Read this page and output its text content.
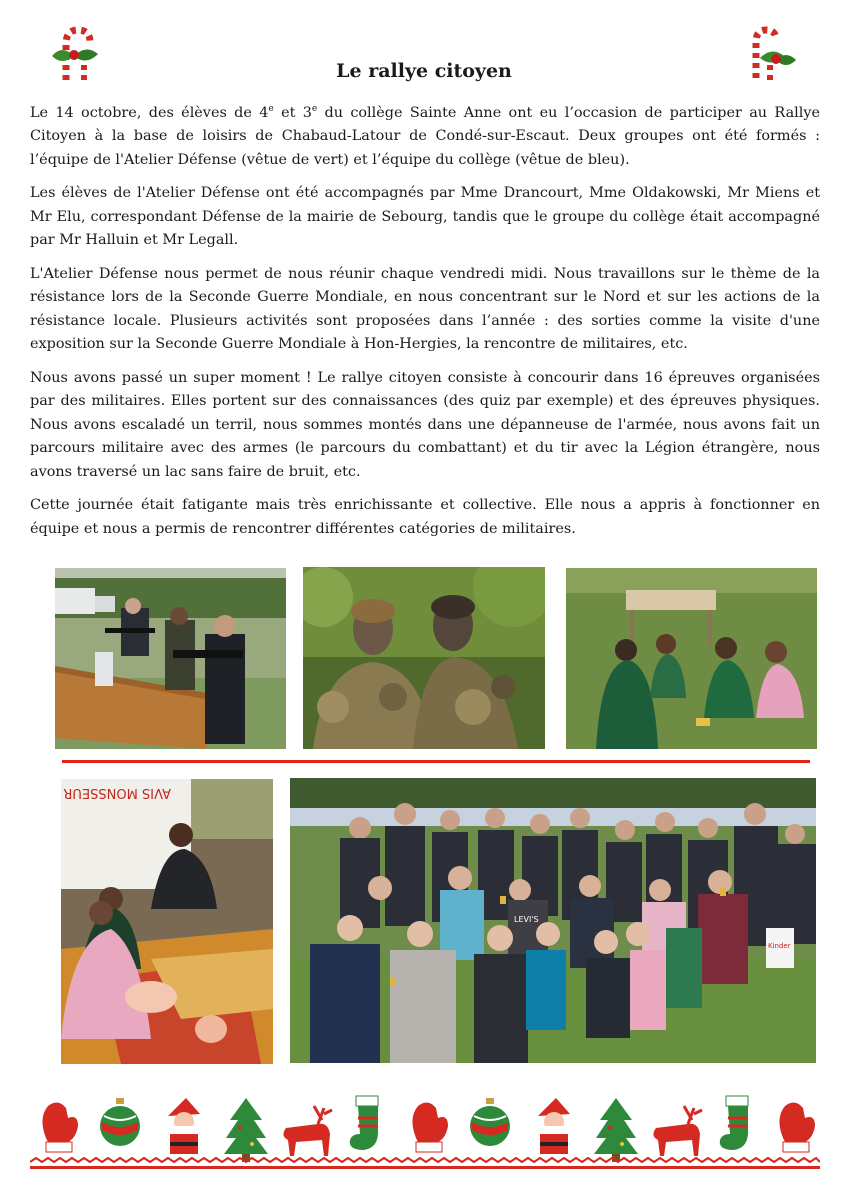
Le rallye citoyen

Le 14 octobre, des élèves de 4e et 3e du collège Sainte Anne ont eu l’occasion de participer au Rallye Citoyen à la base de loisirs de Chabaud-Latour de Condé-sur-Escaut. Deux groupes ont été formés : l’équipe de l'Atelier Défense (vêtue de vert) et l’équipe du collège (vêtue de bleu).

Les élèves de l'Atelier Défense ont été accompagnés par Mme Drancourt, Mme Oldakowski, Mr Miens et Mr Elu, correspondant Défense de la mairie de Sebourg, tandis que le groupe du collège était accompagné par Mr Halluin et Mr Legall.

L'Atelier Défense nous permet de nous réunir chaque vendredi midi. Nous travaillons sur le thème de la résistance lors de la Seconde Guerre Mondiale, en nous concentrant sur le Nord et sur les actions de la résistance locale. Plusieurs activités sont proposées dans l’année : des sorties comme la visite d'une exposition sur la Seconde Guerre Mondiale à Hon-Hergies, la rencontre de militaires, etc.

Nous avons passé un super moment ! Le rallye citoyen consiste à concourir dans 16 épreuves organisées par des militaires. Elles portent sur des connaissances (des quiz par exemple) et des épreuves physiques. Nous avons escaladé un terril, nous sommes montés dans une dépanneuse de l'armée, nous avons fait un parcours militaire avec des armes (le parcours du combattant) et du tir avec la Légion étrangère, nous avons traversé un lac sans faire de bruit, etc.

Cette journée était fatigante mais très enrichissante et collective. Elle nous a appris à fonctionner en équipe et nous a permis de rencontrer différentes catégories de militaires.

AVIS MONSSEUR
LEVI'S
Kinder
